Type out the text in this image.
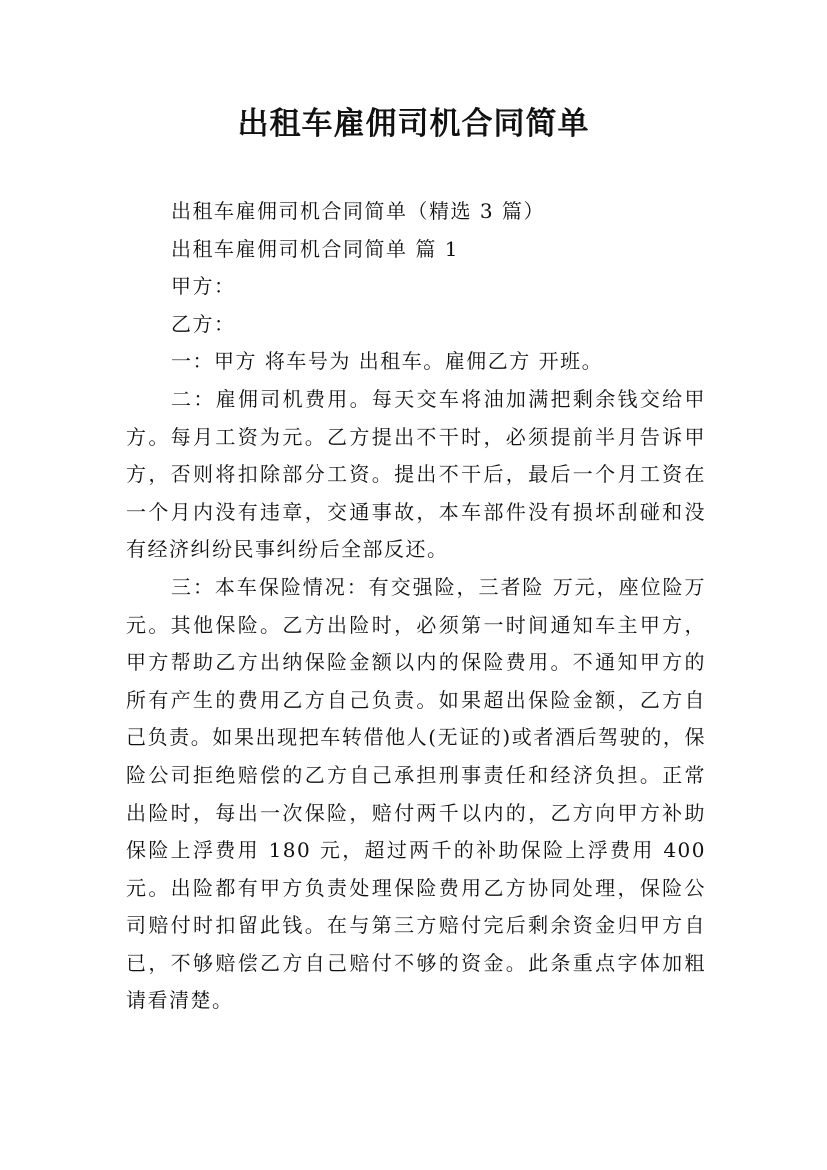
出租车雇佣司机合同简单

出租车雇佣司机合同简单（精选 3 篇）

出租车雇佣司机合同简单 篇 1

甲方：

乙方：

一：甲方 将车号为 出租车。雇佣乙方 开班。

二：雇佣司机费用。每天交车将油加满把剩余钱交给甲方。每月工资为元。乙方提出不干时，必须提前半月告诉甲方，否则将扣除部分工资。提出不干后，最后一个月工资在一个月内没有违章，交通事故，本车部件没有损坏刮碰和没有经济纠纷民事纠纷后全部反还。

三：本车保险情况：有交强险，三者险 万元，座位险万元。其他保险。乙方出险时，必须第一时间通知车主甲方，甲方帮助乙方出纳保险金额以内的保险费用。不通知甲方的所有产生的费用乙方自己负责。如果超出保险金额，乙方自己负责。如果出现把车转借他人(无证的)或者酒后驾驶的，保险公司拒绝赔偿的乙方自己承担刑事责任和经济负担。正常出险时，每出一次保险，赔付两千以内的，乙方向甲方补助保险上浮费用 180 元，超过两千的补助保险上浮费用 400元。出险都有甲方负责处理保险费用乙方协同处理，保险公司赔付时扣留此钱。在与第三方赔付完后剩余资金归甲方自已，不够赔偿乙方自己赔付不够的资金。此条重点字体加粗请看清楚。
